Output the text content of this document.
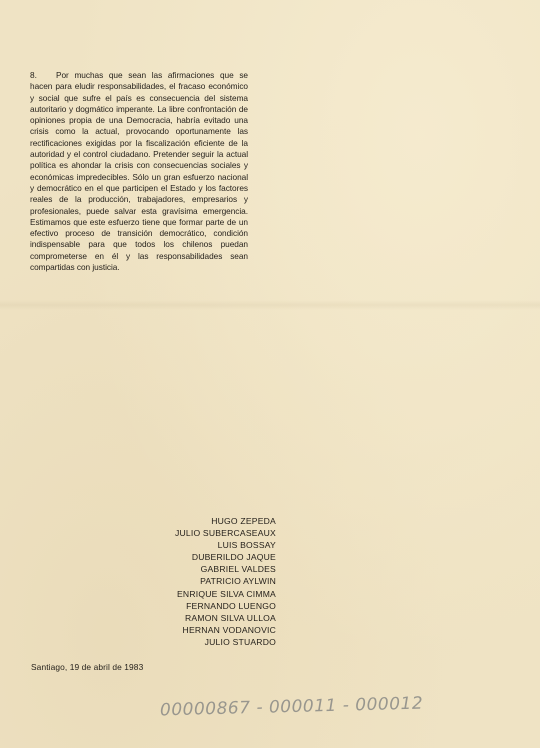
8. Por muchas que sean las afirmaciones que se hacen para eludir responsabilidades, el fracaso económico y social que sufre el país es consecuencia del sistema autoritario y dogmático imperante. La libre confrontación de opiniones propia de una Democracia, habría evitado una crisis como la actual, provocando oportunamente las rectificaciones exigidas por la fiscalización eficiente de la autoridad y el control ciudadano. Pretender seguir la actual política es ahondar la crisis con consecuencias sociales y económicas impredecibles. Sólo un gran esfuerzo nacional y democrático en el que participen el Estado y los factores reales de la producción, trabajadores, empresarios y profesionales, puede salvar esta gravísima emergencia. Estimamos que este esfuerzo tiene que formar parte de un efectivo proceso de transición democrático, condición indispensable para que todos los chilenos puedan comprometerse en él y las responsabilidades sean compartidas con justicia.
HUGO ZEPEDA
JULIO SUBERCASEAUX
LUIS BOSSAY
DUBERILDO JAQUE
GABRIEL VALDES
PATRICIO AYLWIN
ENRIQUE SILVA CIMMA
FERNANDO LUENGO
RAMON SILVA ULLOA
HERNAN VODANOVIC
JULIO STUARDO
Santiago, 19 de abril de 1983
00000867 - 000011 - 000012
